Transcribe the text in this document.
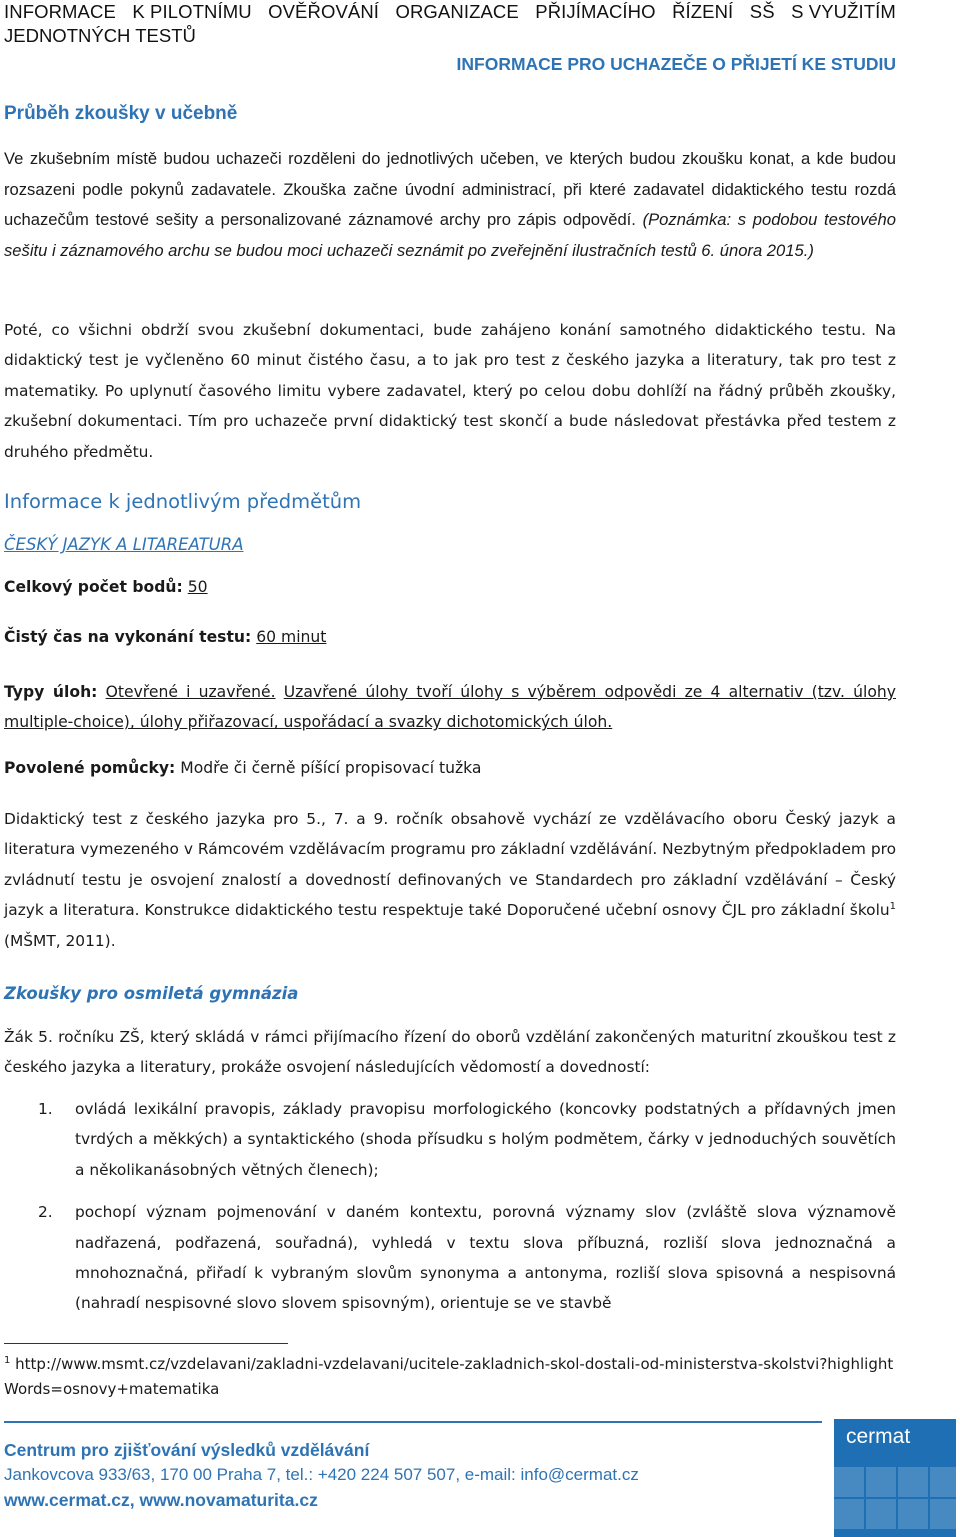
INFORMACE K PILOTNÍMU OVĚŘOVÁNÍ ORGANIZACE PŘIJÍMACÍHO ŘÍZENÍ SŠ S VYUŽITÍM
JEDNOTNÝCH TESTŮ
INFORMACE PRO UCHAZEČE O PŘIJETÍ KE STUDIU
Průběh zkoušky v učebně
Ve zkušebním místě budou uchazeči rozděleni do jednotlivých učeben, ve kterých budou zkoušku konat, a kde budou rozsazeni podle pokynů zadavatele. Zkouška začne úvodní administrací, při které zadavatel didaktického testu rozdá uchazečům testové sešity a personalizované záznamové archy pro zápis odpovědí. (Poznámka: s podobou testového sešitu i záznamového archu se budou moci uchazeči seznámit po zveřejnění ilustračních testů 6. února 2015.)
Poté, co všichni obdrží svou zkušební dokumentaci, bude zahájeno konání samotného didaktického testu. Na didaktický test je vyčleněno 60 minut čistého času, a to jak pro test z českého jazyka a literatury, tak pro test z matematiky. Po uplynutí časového limitu vybere zadavatel, který po celou dobu dohlíží na řádný průběh zkoušky, zkušební dokumentaci. Tím pro uchazeče první didaktický test skončí a bude následovat přestávka před testem z druhého předmětu.
Informace k jednotlivým předmětům
ČESKÝ JAZYK A LITAREATURA
Celkový počet bodů: 50
Čistý čas na vykonání testu: 60 minut
Typy úloh: Otevřené i uzavřené. Uzavřené úlohy tvoří úlohy s výběrem odpovědi ze 4 alternativ (tzv. úlohy multiple-choice), úlohy přiřazovací, uspořádací a svazky dichotomických úloh.
Povolené pomůcky: Modře či černě píšící propisovací tužka
Didaktický test z českého jazyka pro 5., 7. a 9. ročník obsahově vychází ze vzdělávacího oboru Český jazyk a literatura vymezeného v Rámcovém vzdělávacím programu pro základní vzdělávání. Nezbytným předpokladem pro zvládnutí testu je osvojení znalostí a dovedností definovaných ve Standardech pro základní vzdělávání – Český jazyk a literatura. Konstrukce didaktického testu respektuje také Doporučené učební osnovy ČJL pro základní školu$^1$ (MŠMT, 2011).
Zkoušky pro osmiletá gymnázia
Žák 5. ročníku ZŠ, který skládá v rámci přijímacího řízení do oborů vzdělání zakončených maturitní zkouškou test z českého jazyka a literatury, prokáže osvojení následujících vědomostí a dovedností:
1. ovládá lexikální pravopis, základy pravopisu morfologického (koncovky podstatných a přídavných jmen tvrdých a měkkých) a syntaktického (shoda přísudku s holým podmětem, čárky v jednoduchých souvětích a několikanásobných větných členech);
2. pochopí význam pojmenování v daném kontextu, porovná významy slov (zvláště slova významově nadřazená, podřazená, souřadná), vyhledá v textu slova příbuzná, rozliší slova jednoznačná a mnohoznačná, přiřadí k vybraným slovům synonyma a antonyma, rozliší slova spisovná a nespisovná (nahradí nespisovné slovo slovem spisovným), orientuje se ve stavbě
$^1$ http://www.msmt.cz/vzdelavani/zakladni-vzdelavani/ucitele-zakladnich-skol-dostali-od-ministerstva-skolstvi?highlightWords=osnovy+matematika
Centrum pro zjišťování výsledků vzdělávání
Jankovcova 933/63, 170 00 Praha 7, tel.: +420 224 507 507, e-mail: info@cermat.cz
www.cermat.cz, www.novamaturita.cz
cermat
